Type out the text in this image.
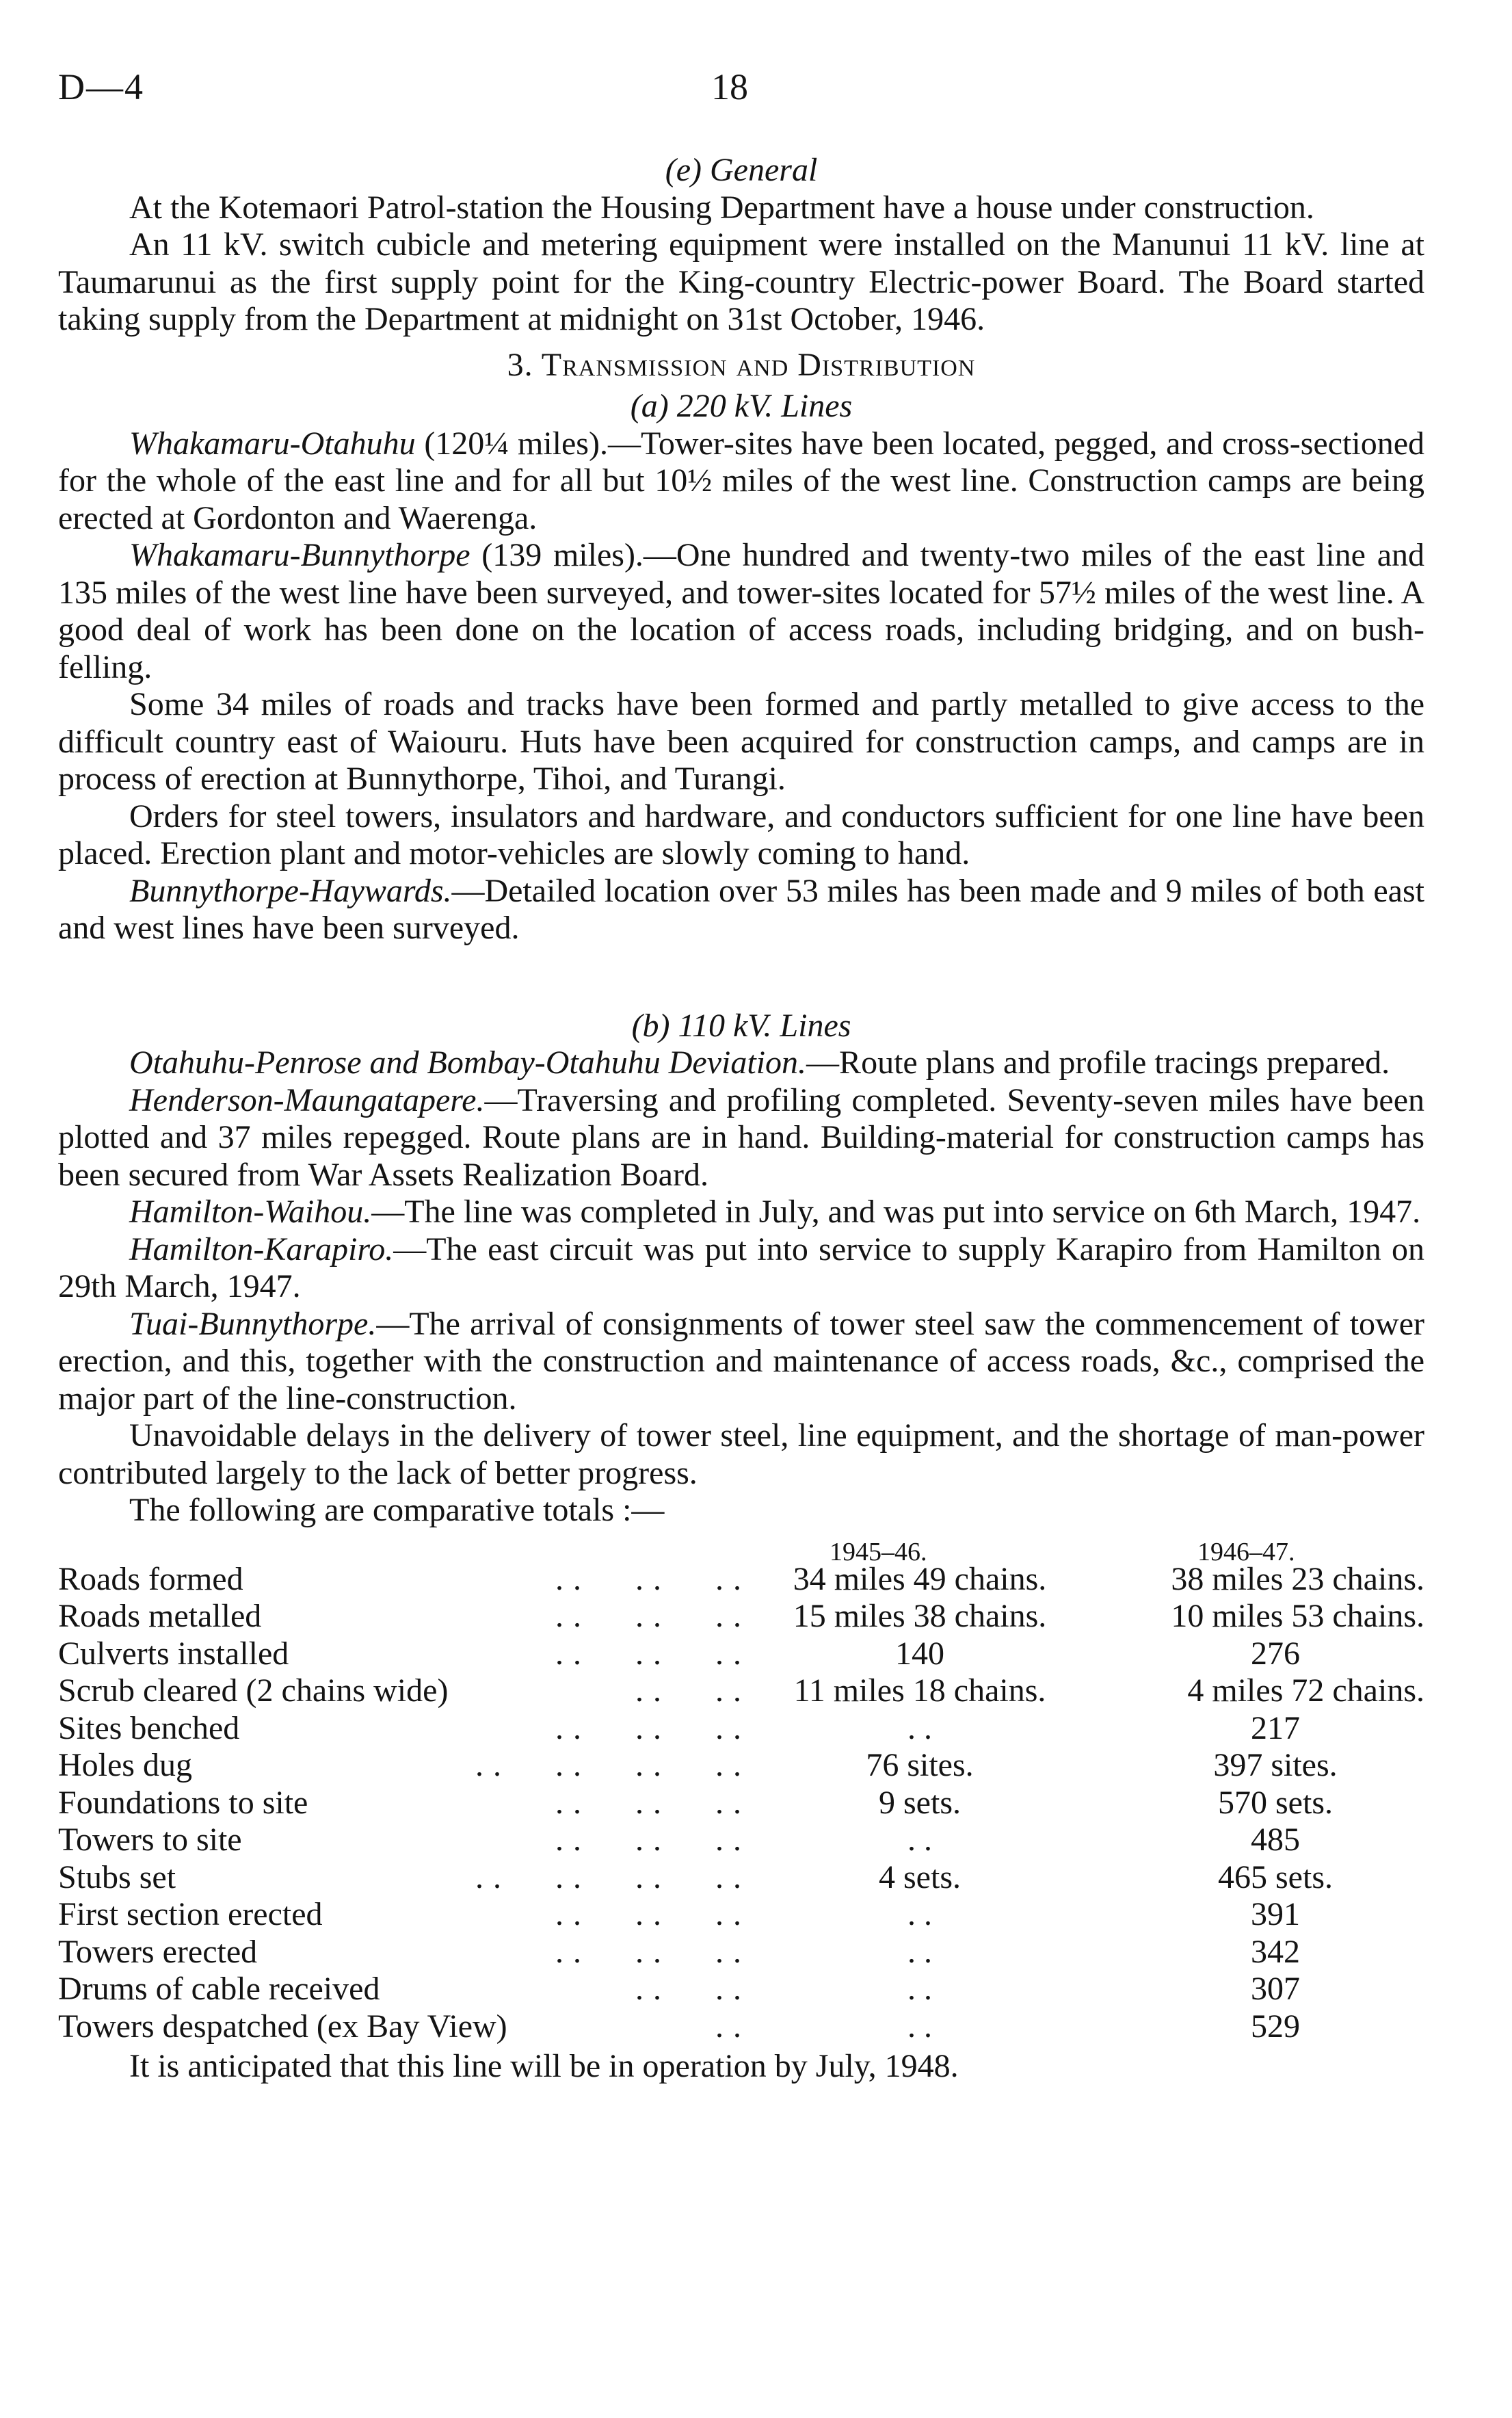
D—4	18
(e) General

At the Kotemaori Patrol-station the Housing Department have a house under construction.

An 11 kV. switch cubicle and metering equipment were installed on the Manunui 11 kV. line at Taumarunui as the first supply point for the King-country Electric-power Board. The Board started taking supply from the Department at midnight on 31st October, 1946.

3. Transmission and Distribution
(a) 220 kV. Lines

Whakamaru-Otahuhu (120¼ miles).—Tower-sites have been located, pegged, and cross-sectioned for the whole of the east line and for all but 10½ miles of the west line. Construction camps are being erected at Gordonton and Waerenga.

Whakamaru-Bunnythorpe (139 miles).—One hundred and twenty-two miles of the east line and 135 miles of the west line have been surveyed, and tower-sites located for 57½ miles of the west line. A good deal of work has been done on the location of access roads, including bridging, and on bush-felling.

Some 34 miles of roads and tracks have been formed and partly metalled to give access to the difficult country east of Waiouru. Huts have been acquired for construction camps, and camps are in process of erection at Bunnythorpe, Tihoi, and Turangi.

Orders for steel towers, insulators and hardware, and conductors sufficient for one line have been placed. Erection plant and motor-vehicles are slowly coming to hand.

Bunnythorpe-Haywards.—Detailed location over 53 miles has been made and 9 miles of both east and west lines have been surveyed.

(b) 110 kV. Lines

Otahuhu-Penrose and Bombay-Otahuhu Deviation.—Route plans and profile tracings prepared.

Henderson-Maungatapere.—Traversing and profiling completed. Seventy-seven miles have been plotted and 37 miles repegged. Route plans are in hand. Building-material for construction camps has been secured from War Assets Realization Board.

Hamilton-Waihou.—The line was completed in July, and was put into service on 6th March, 1947.

Hamilton-Karapiro.—The east circuit was put into service to supply Karapiro from Hamilton on 29th March, 1947.

Tuai-Bunnythorpe.—The arrival of consignments of tower steel saw the commencement of tower erection, and this, together with the construction and maintenance of access roads, &c., comprised the major part of the line-construction.

Unavoidable delays in the delivery of tower steel, line equipment, and the shortage of man-power contributed largely to the lack of better progress.

The following are comparative totals :—

1945–46.	1946–47.
Roads formed	34 miles 49 chains.	38 miles 23 chains.
. .      . .      . .
Roads metalled	15 miles 38 chains.	10 miles 53 chains.
. .      . .      . .
Culverts installed	140	276
. .      . .      . .
Scrub cleared (2 chains wide)	11 miles 18 chains.	4 miles 72 chains.
. .      . .
Sites benched	. .	217
. .      . .      . .
Holes dug	76 sites.	397 sites.
. .      . .      . .      . .
Foundations to site	9 sets.	570 sets.
. .      . .      . .
Towers to site	. .	485
. .      . .      . .
Stubs set	4 sets.	465 sets.
. .      . .      . .      . .
First section erected	. .	391
. .      . .      . .
Towers erected	. .	342
. .      . .      . .
Drums of cable received	. .	307
. .      . .
Towers despatched (ex Bay View)	. .	529
. .

It is anticipated that this line will be in operation by July, 1948.
